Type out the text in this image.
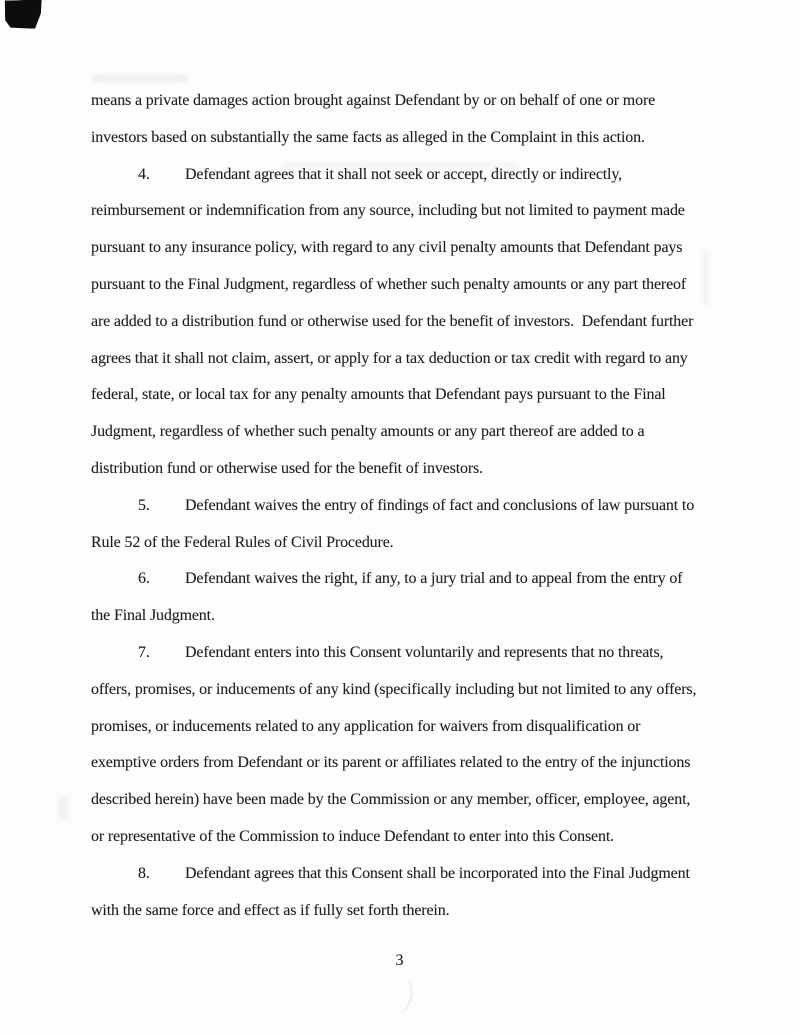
means a private damages action brought against Defendant by or on behalf of one or more
investors based on substantially the same facts as alleged in the Complaint in this action.
4. Defendant agrees that it shall not seek or accept, directly or indirectly,
reimbursement or indemnification from any source, including but not limited to payment made
pursuant to any insurance policy, with regard to any civil penalty amounts that Defendant pays
pursuant to the Final Judgment, regardless of whether such penalty amounts or any part thereof
are added to a distribution fund or otherwise used for the benefit of investors.  Defendant further
agrees that it shall not claim, assert, or apply for a tax deduction or tax credit with regard to any
federal, state, or local tax for any penalty amounts that Defendant pays pursuant to the Final
Judgment, regardless of whether such penalty amounts or any part thereof are added to a
distribution fund or otherwise used for the benefit of investors.
5. Defendant waives the entry of findings of fact and conclusions of law pursuant to
Rule 52 of the Federal Rules of Civil Procedure.
6. Defendant waives the right, if any, to a jury trial and to appeal from the entry of
the Final Judgment.
7. Defendant enters into this Consent voluntarily and represents that no threats,
offers, promises, or inducements of any kind (specifically including but not limited to any offers,
promises, or inducements related to any application for waivers from disqualification or
exemptive orders from Defendant or its parent or affiliates related to the entry of the injunctions
described herein) have been made by the Commission or any member, officer, employee, agent,
or representative of the Commission to induce Defendant to enter into this Consent.
8. Defendant agrees that this Consent shall be incorporated into the Final Judgment
with the same force and effect as if fully set forth therein.
3
